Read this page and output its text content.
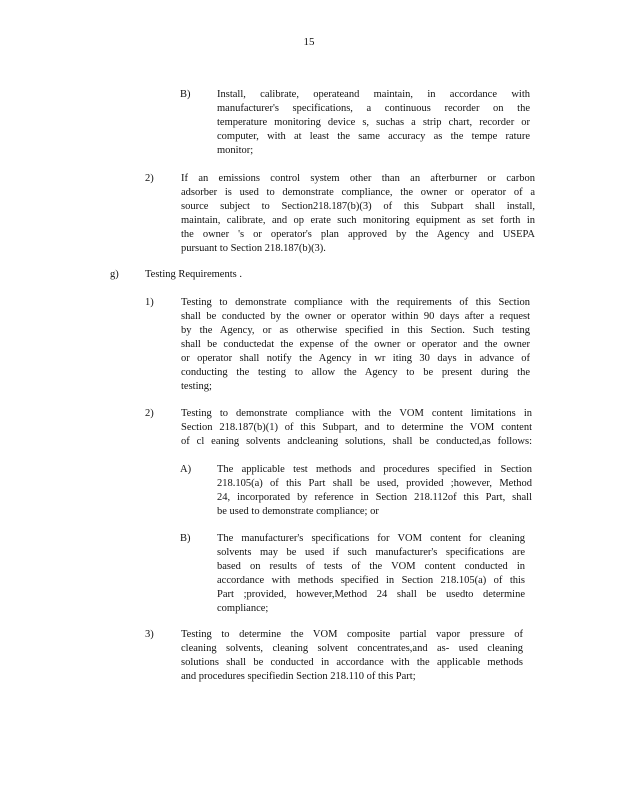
15
B)	Install, calibrate, operateand maintain, in accordance with
manufacturer's specifications, a continuous recorder on the
temperature monitoring device s, suchas a strip chart, recorder or
computer, with at least the same accuracy as the tempe rature
monitor;
2)	If an emissions control system other than an afterburner or carbon
adsorber is used to demonstrate compliance, the owner or operator of a
source subject to Section218.187(b)(3) of this Subpart shall install,
maintain, calibrate, and op erate such monitoring equipment as set forth in
the owner 's or operator's plan approved by the Agency and USEPA
pursuant to Section 218.187(b)(3).
g)	Testing Requirements .
1)	Testing to demonstrate compliance with the requirements of this Section
shall be conducted by the owner or operator within 90 days after a request
by the Agency, or as otherwise specified in this Section. Such testing
shall be conductedat the expense of the owner or operator and the owner
or operator shall notify the Agency in wr iting 30 days in advance of
conducting the testing to allow the Agency to be present during the
testing;
2)	Testing to demonstrate compliance with the VOM content limitations in
Section 218.187(b)(1) of this Subpart, and to determine the VOM content
of cl eaning solvents andcleaning solutions, shall be conducted,as follows:
A) The applicable test methods and procedures specified in Section
218.105(a) of this Part shall be used, provided ;however, Method
24, incorporated by reference in Section 218.112of this Part, shall
be used to demonstrate compliance; or
B)	The manufacturer's specifications for VOM content for cleaning
solvents may be used if such manufacturer's specifications are
based on results of tests of the VOM content conducted in
accordance with methods specified in Section 218.105(a) of this
Part ;provided, however,Method 24 shall be usedto determine
compliance;
3)	Testing to determine the VOM composite partial vapor pressure of
cleaning solvents, cleaning solvent concentrates,and as- used cleaning
solutions shall be conducted in accordance with the applicable methods
and procedures specifiedin Section 218.110 of this Part;
